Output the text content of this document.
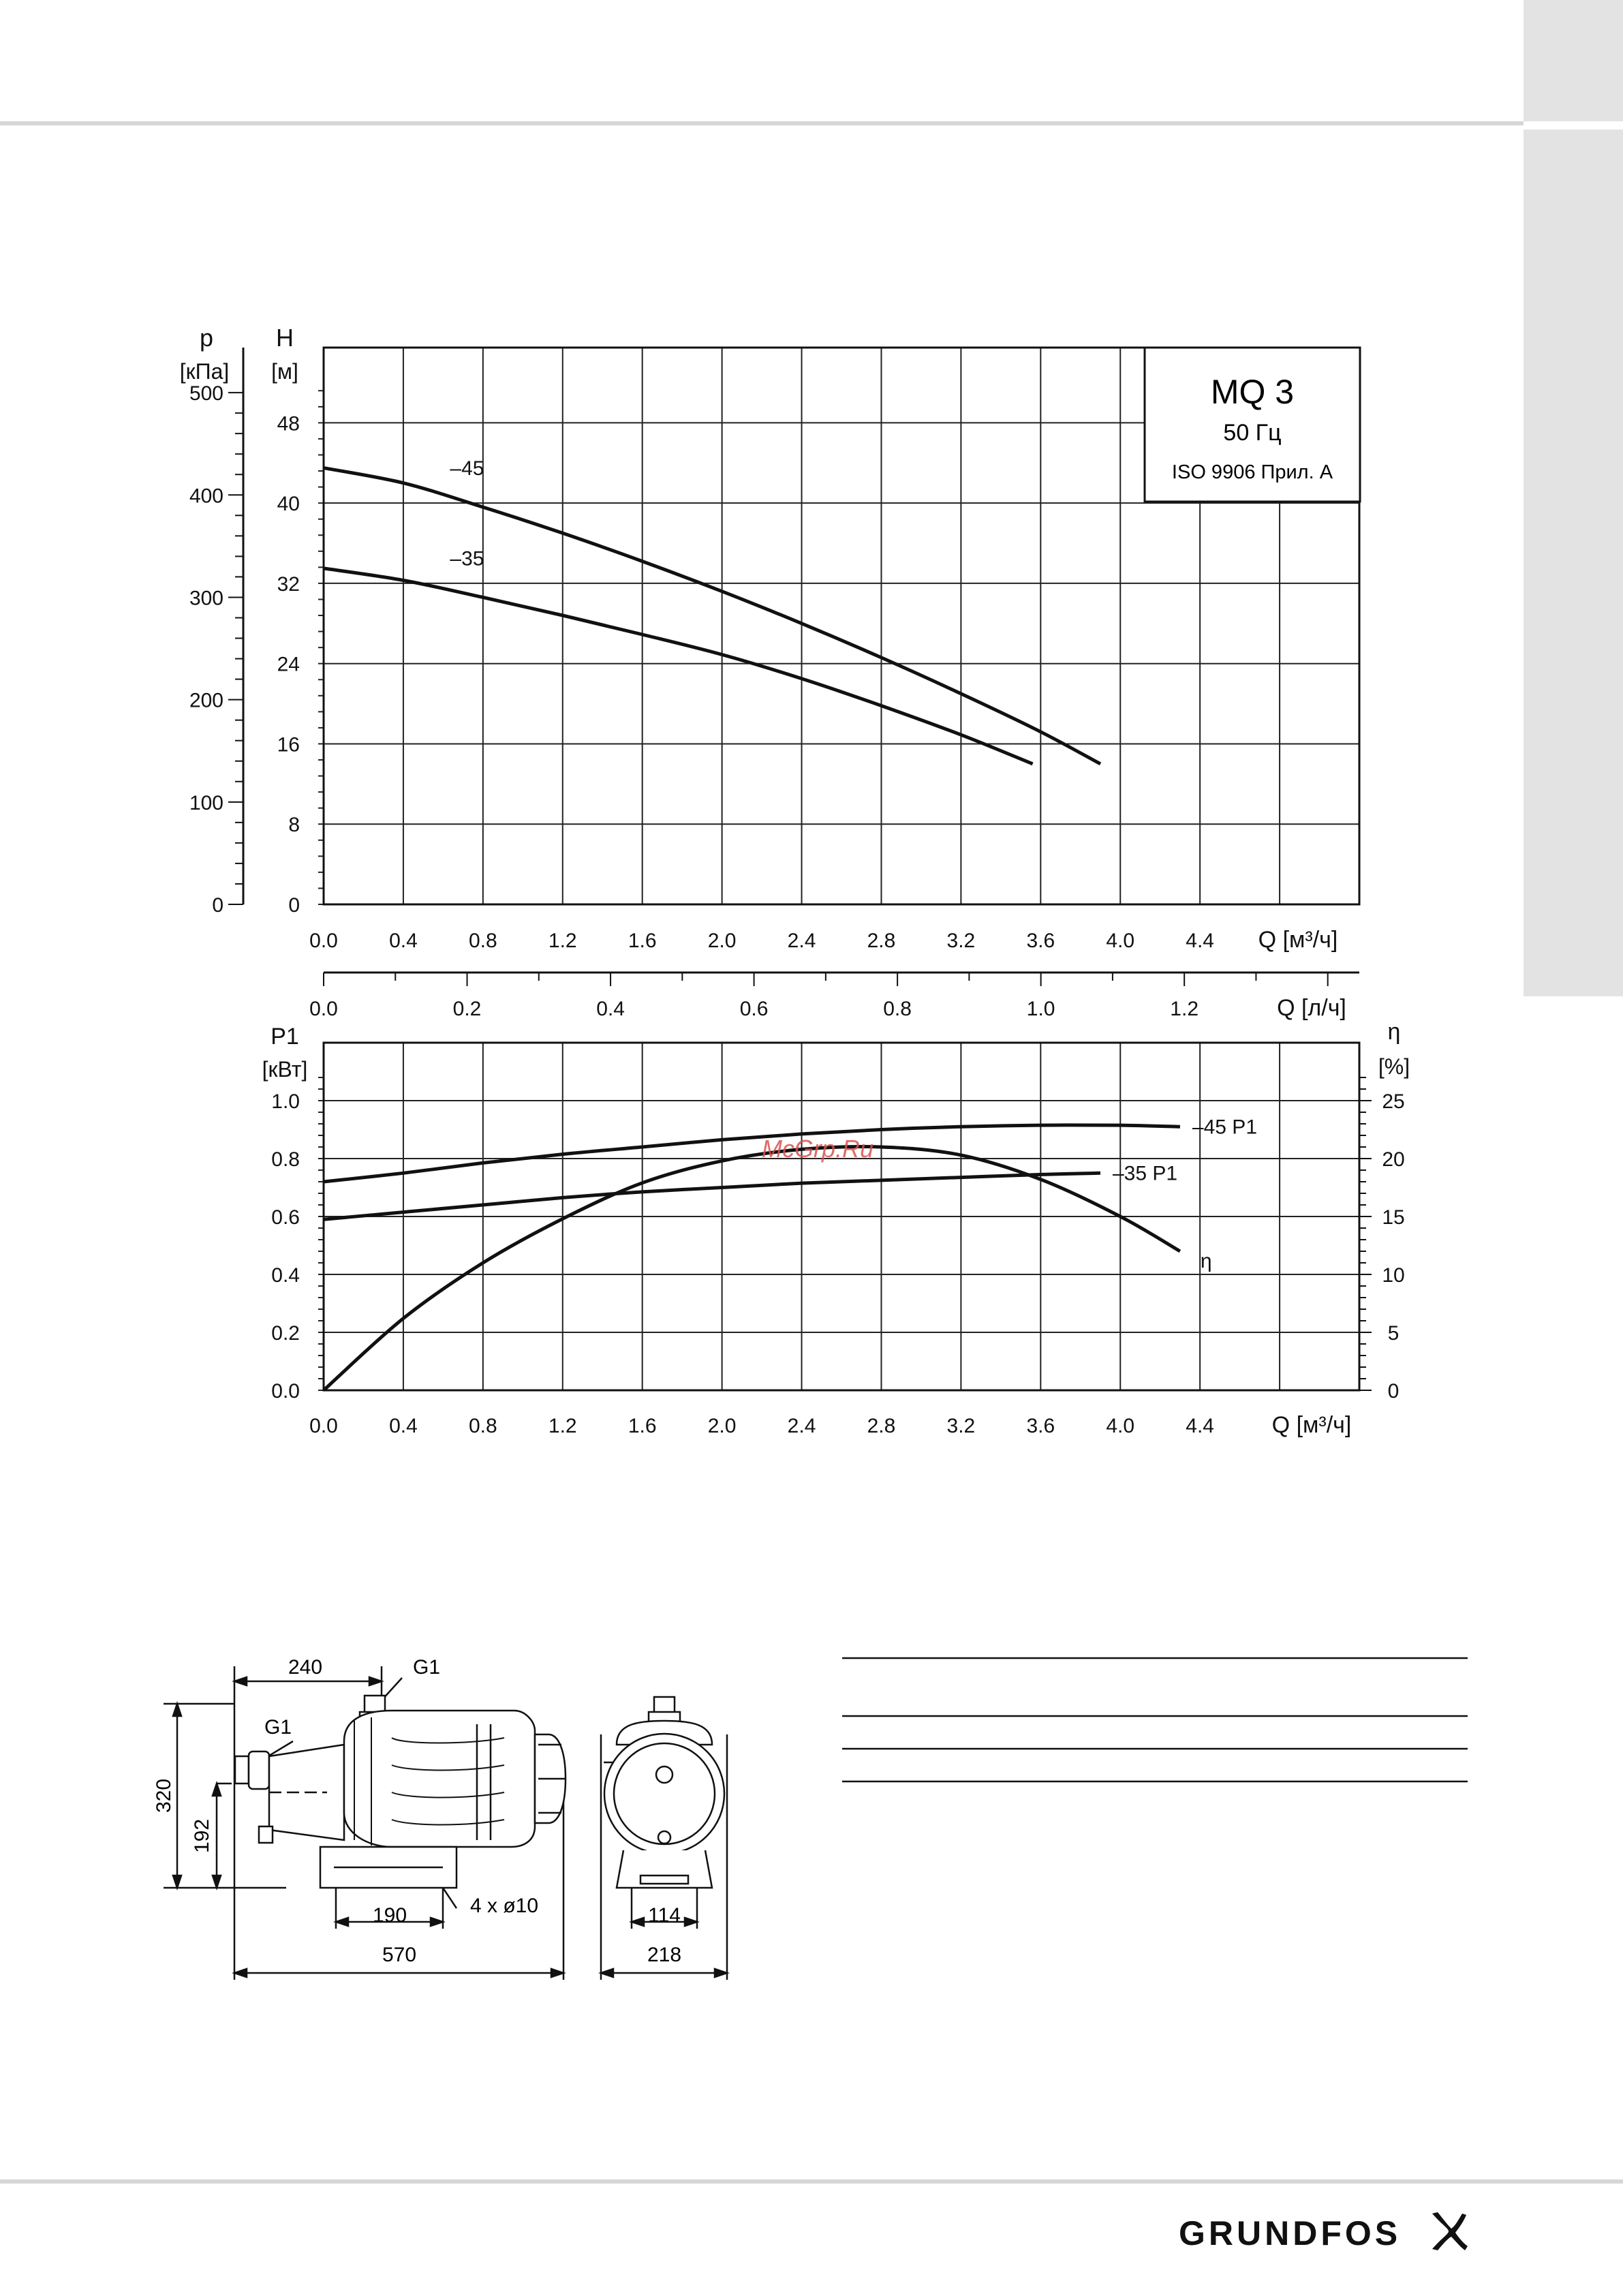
0
8
16
24
32
40
48
0.0	0.4	0.8	1.2	1.6	2.0	2.4	2.8	3.2	3.6	4.0	4.4 Q [м³/ч]
H
[м]
0
100
200
300
400
500
p
[кПа]
–45
–35
0.0	0.2	0.4	0.6	0.8	1.0	1.2	Q [л/ч]
0.0
0.2
0.4
0.6
0.8
1.0
0
5
10
15
20
25
η
[%]
0.0	0.4	0.8	1.2	1.6	2.0	2.4	2.8	3.2	3.6	4.0	4.4 Q [м³/ч]
P1
[кВт]
–45 P1
–35 P1
η
MQ 3
50 Гц
ISO 9906 Прил. A
McGrp.Ru
240	G1
G1
320
192
190	4 x ø10
570
114
218
GRUNDFOS
